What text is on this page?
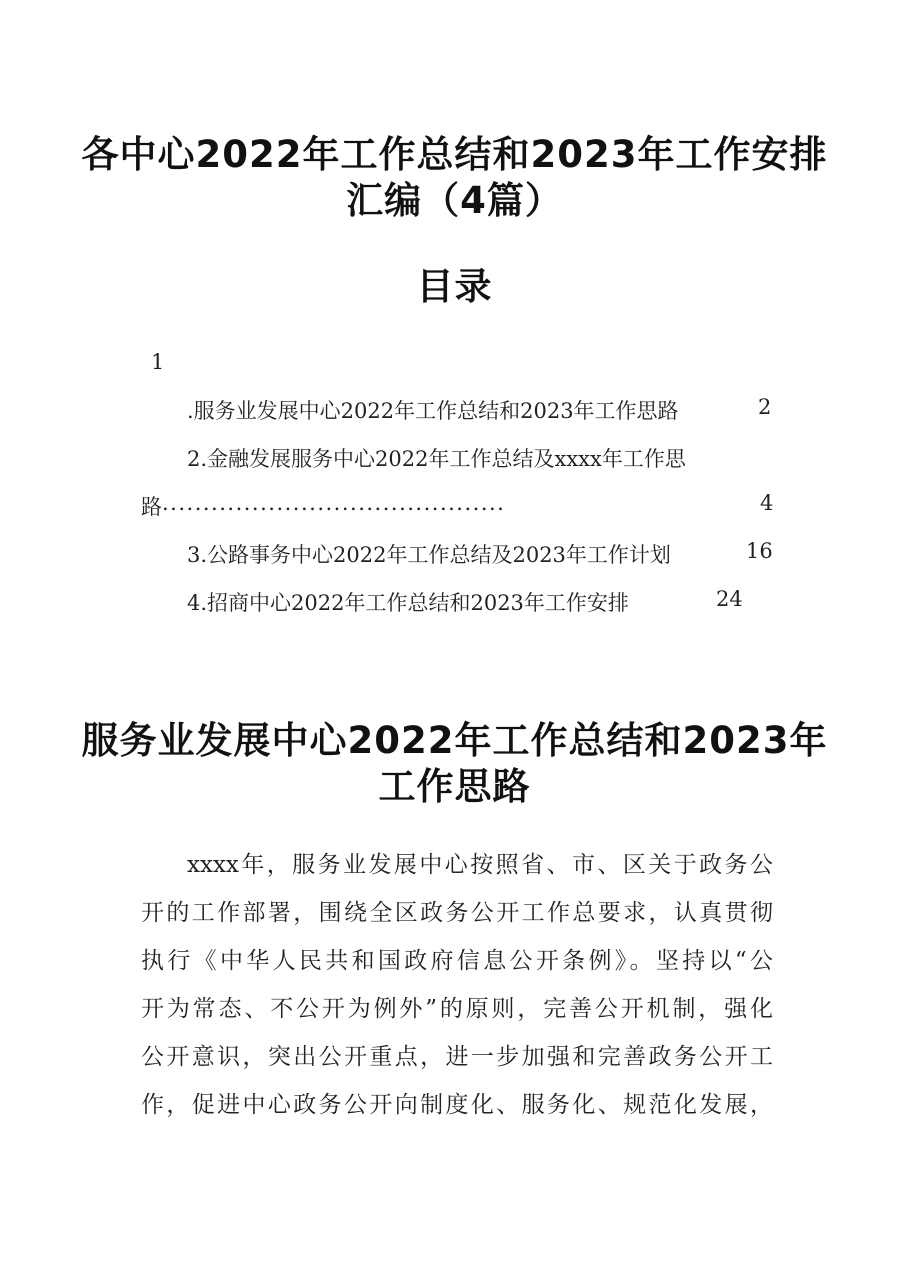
各中心2022年工作总结和2023年工作安排
汇编（4篇）
目录
1
.服务业发展中心2022年工作总结和2023年工作思路	2
2.金融发展服务中心2022年工作总结及xxxx年工作思
路 ..........................................	4
3.公路事务中心2022年工作总结及2023年工作计划	16
4.招商中心2022年工作总结和2023年工作安排	24
服务业发展中心2022年工作总结和2023年
工作思路
xxxx年，服务业发展中心按照省、市、区关于政务公
开的工作部署，围绕全区政务公开工作总要求，认真贯彻
执行《中华人民共和国政府信息公开条例》。坚持以“公
开为常态、不公开为例外”的原则，完善公开机制，强化
公开意识，突出公开重点，进一步加强和完善政务公开工
作，促进中心政务公开向制度化、服务化、规范化发展，
